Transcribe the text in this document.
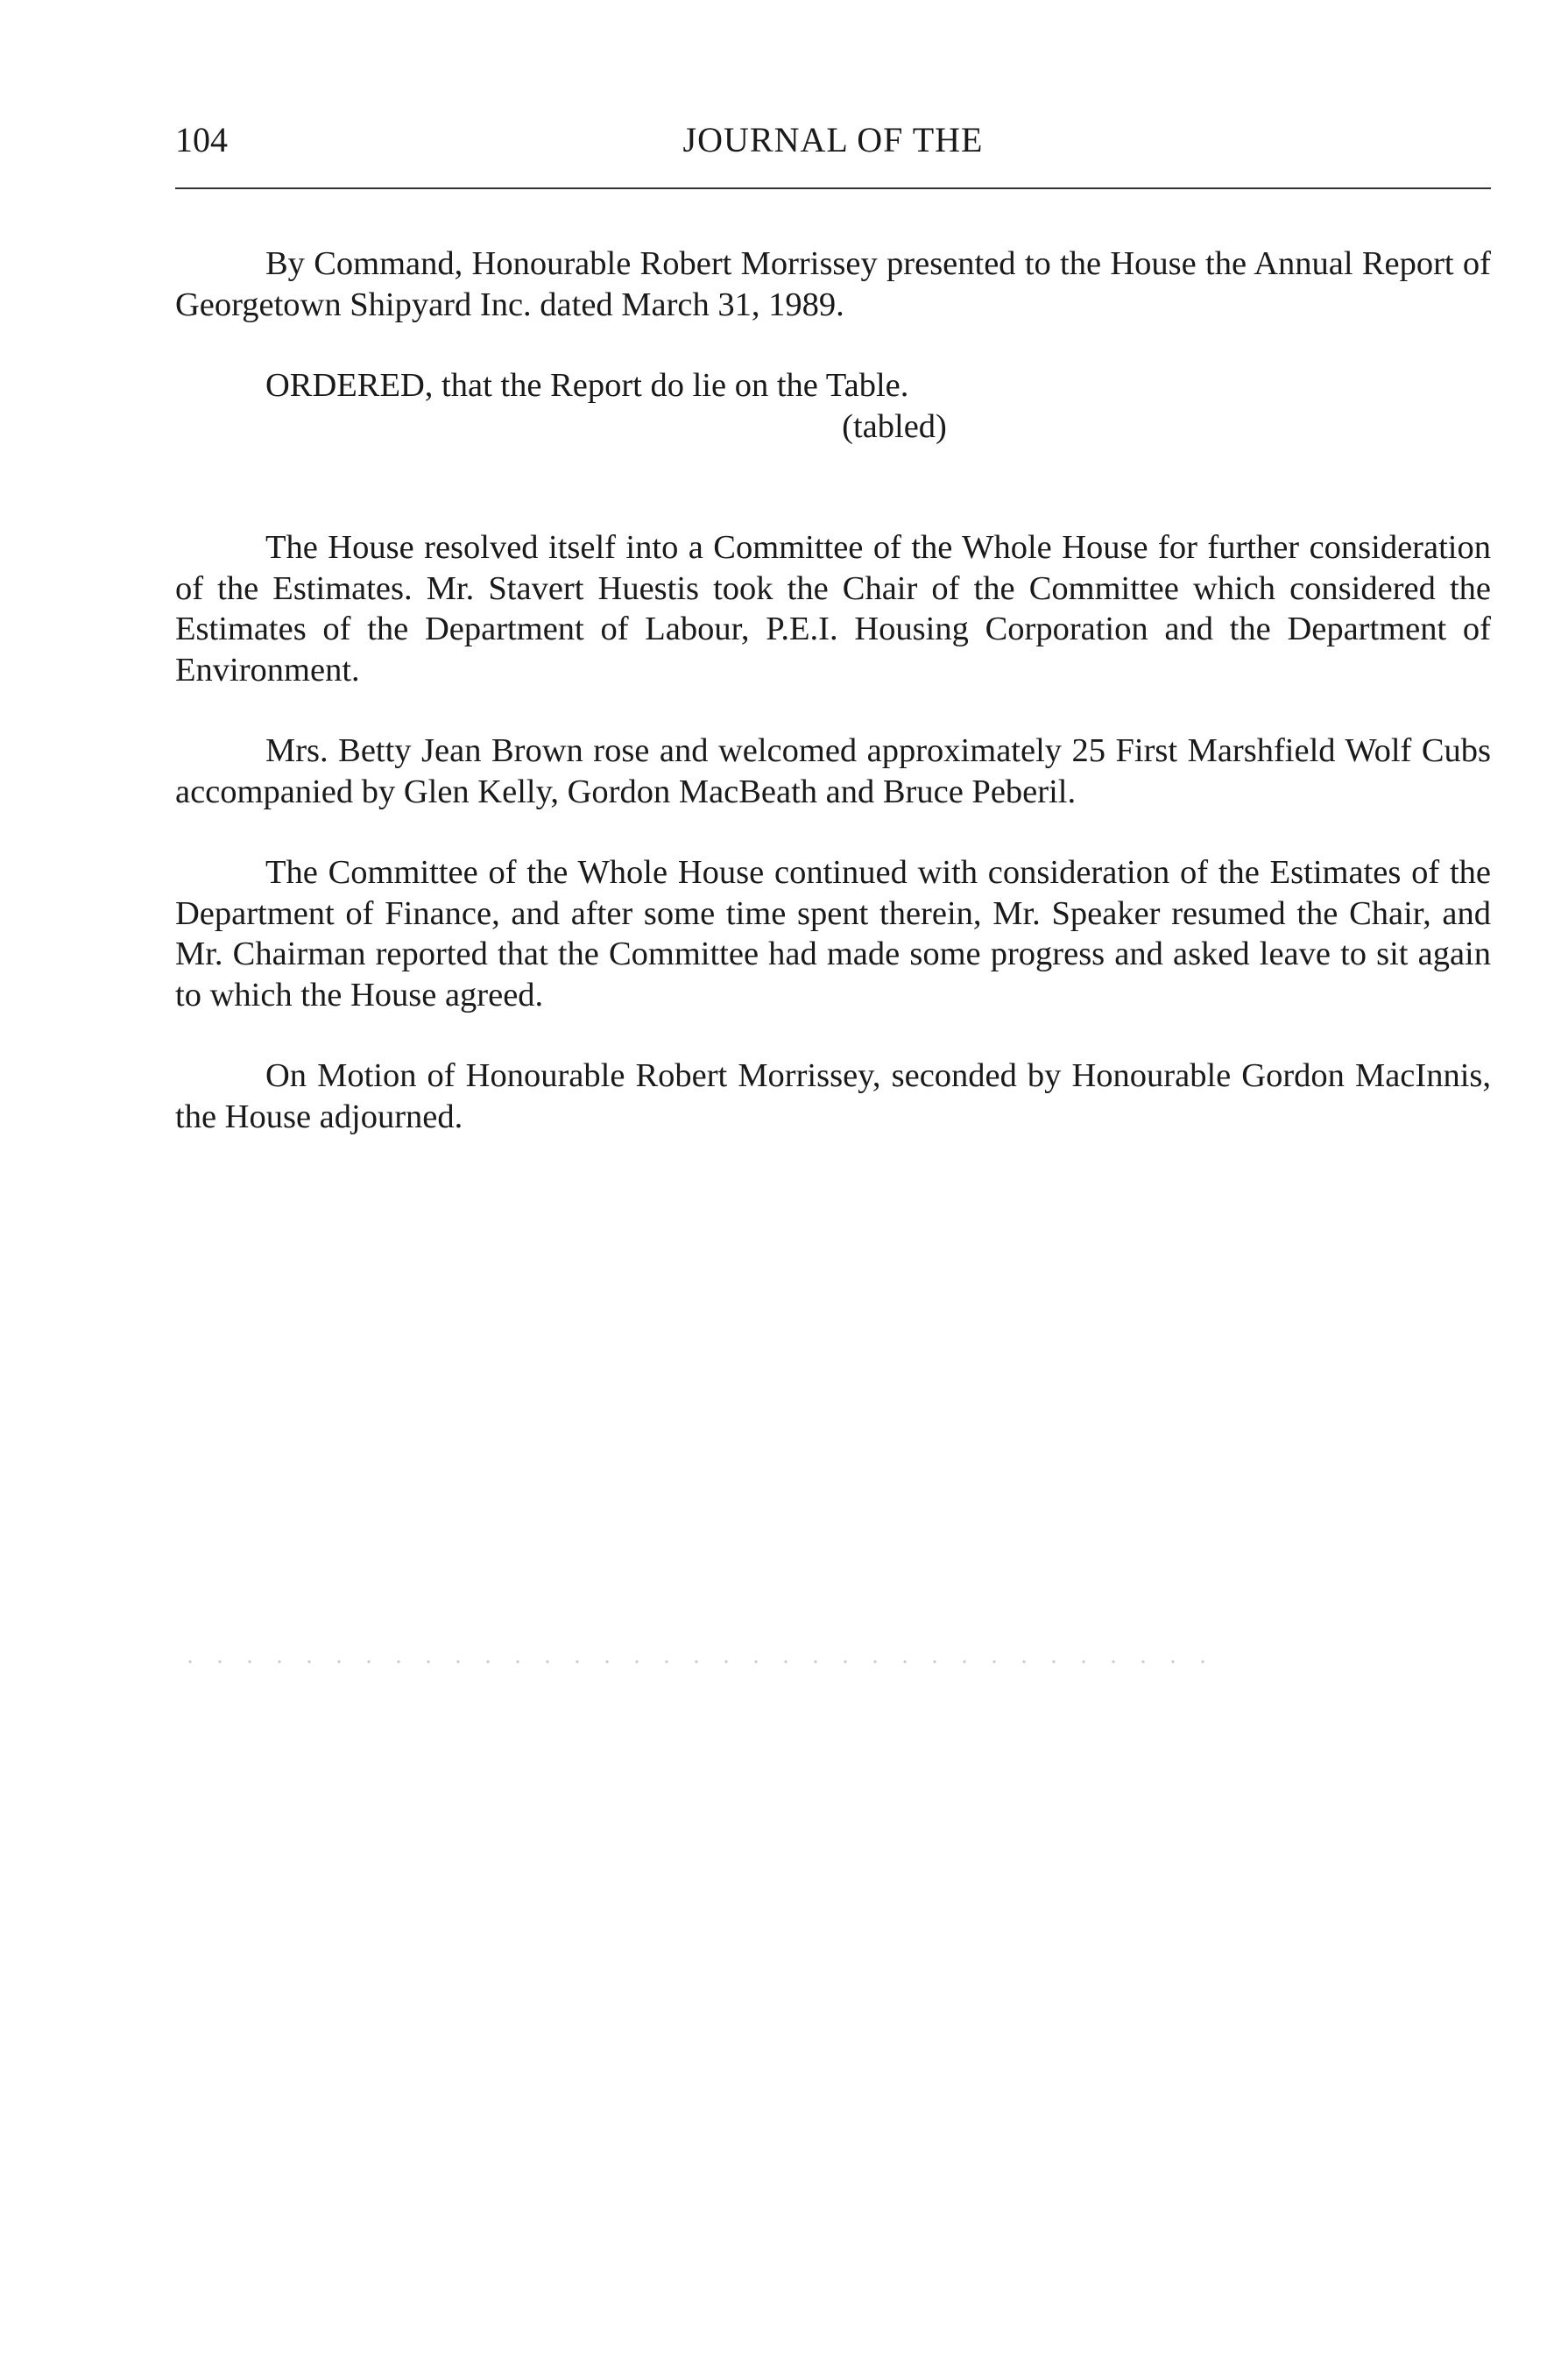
104	JOURNAL OF THE

By Command, Honourable Robert Morrissey presented to the House the Annual Report of Georgetown Shipyard Inc. dated March 31, 1989.

ORDERED, that the Report do lie on the Table.

(tabled)

The House resolved itself into a Committee of the Whole House for further consideration of the Estimates. Mr. Stavert Huestis took the Chair of the Committee which considered the Estimates of the Department of Labour, P.E.I. Housing Corporation and the Department of Environment.

Mrs. Betty Jean Brown rose and welcomed approximately 25 First Marshfield Wolf Cubs accompanied by Glen Kelly, Gordon MacBeath and Bruce Peberil.

The Committee of the Whole House continued with consideration of the Estimates of the Department of Finance, and after some time spent therein, Mr. Speaker resumed the Chair, and Mr. Chairman reported that the Committee had made some progress and asked leave to sit again to which the House agreed.

On Motion of Honourable Robert Morrissey, seconded by Honourable Gordon MacInnis, the House adjourned.
